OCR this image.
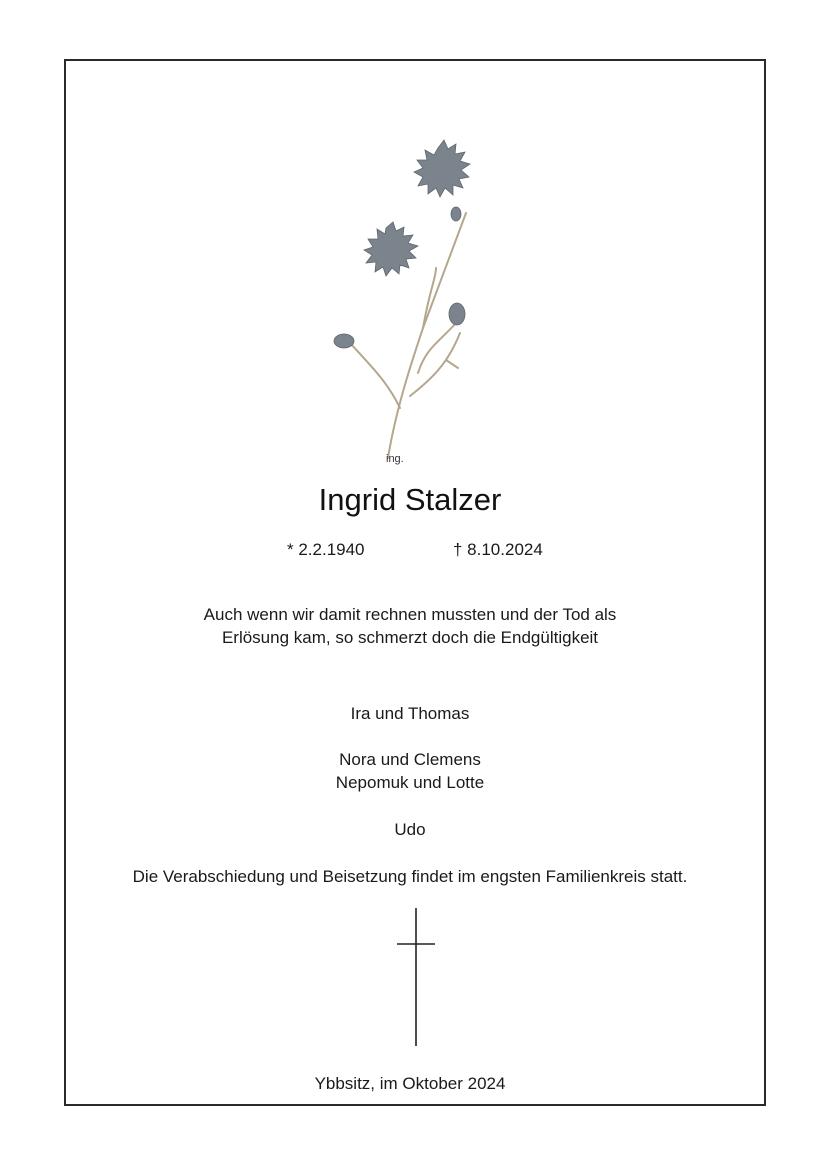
ing.
Ingrid Stalzer
* 2.2.1940	† 8.10.2024
Auch wenn wir damit rechnen mussten und der Tod als
Erlösung kam, so schmerzt doch die Endgültigkeit
Ira und Thomas
Nora und Clemens
Nepomuk und Lotte
Udo
Die Verabschiedung und Beisetzung findet im engsten Familienkreis statt.
Ybbsitz, im Oktober 2024
